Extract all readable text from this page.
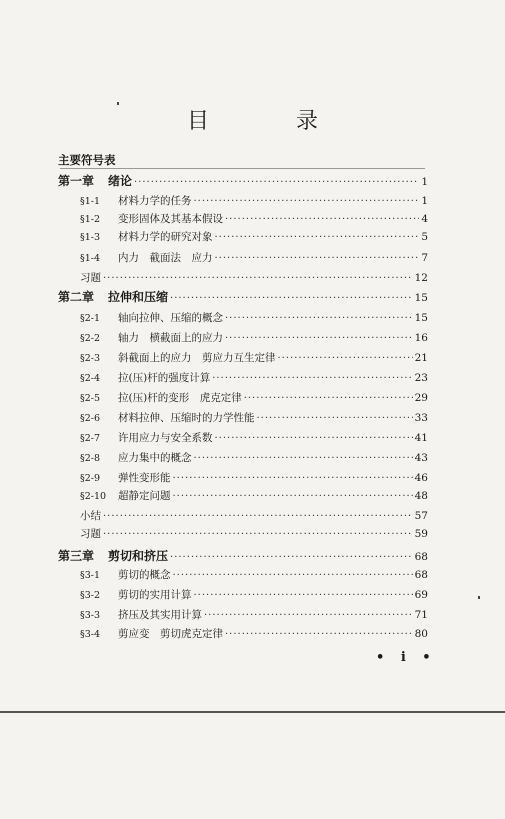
目 录
主要符号表
第一章	绪论 ·····	1
§1-1	材料力学的任务 ·····	1
§1-2	变形固体及其基本假设 ·····	4
§1-3	材料力学的研究对象 ·····	5
§1-4	内力　截面法　应力 ·····	7
习题 ·····	12
第二章	拉伸和压缩 ·····	15
§2-1	轴向拉伸、压缩的概念 ·····	15
§2-2	轴力　横截面上的应力 ·····	16
§2-3	斜截面上的应力　剪应力互生定律 ·····	21
§2-4	拉(压)杆的强度计算 ·····	23
§2-5	拉(压)杆的变形　虎克定律 ·····	29
§2-6	材料拉伸、压缩时的力学性能 ·····	33
§2-7	许用应力与安全系数 ·····	41
§2-8	应力集中的概念 ·····	43
§2-9	弹性变形能 ·····	46
§2-10	超静定问题 ·····	48
小结 ·····	57
习题 ·····	59
第三章	剪切和挤压 ·····	68
§3-1	剪切的概念 ·····	68
§3-2	剪切的实用计算 ·····	69
§3-3	挤压及其实用计算 ·····	71
§3-4	剪应变　剪切虎克定律 ·····	80
• i •
